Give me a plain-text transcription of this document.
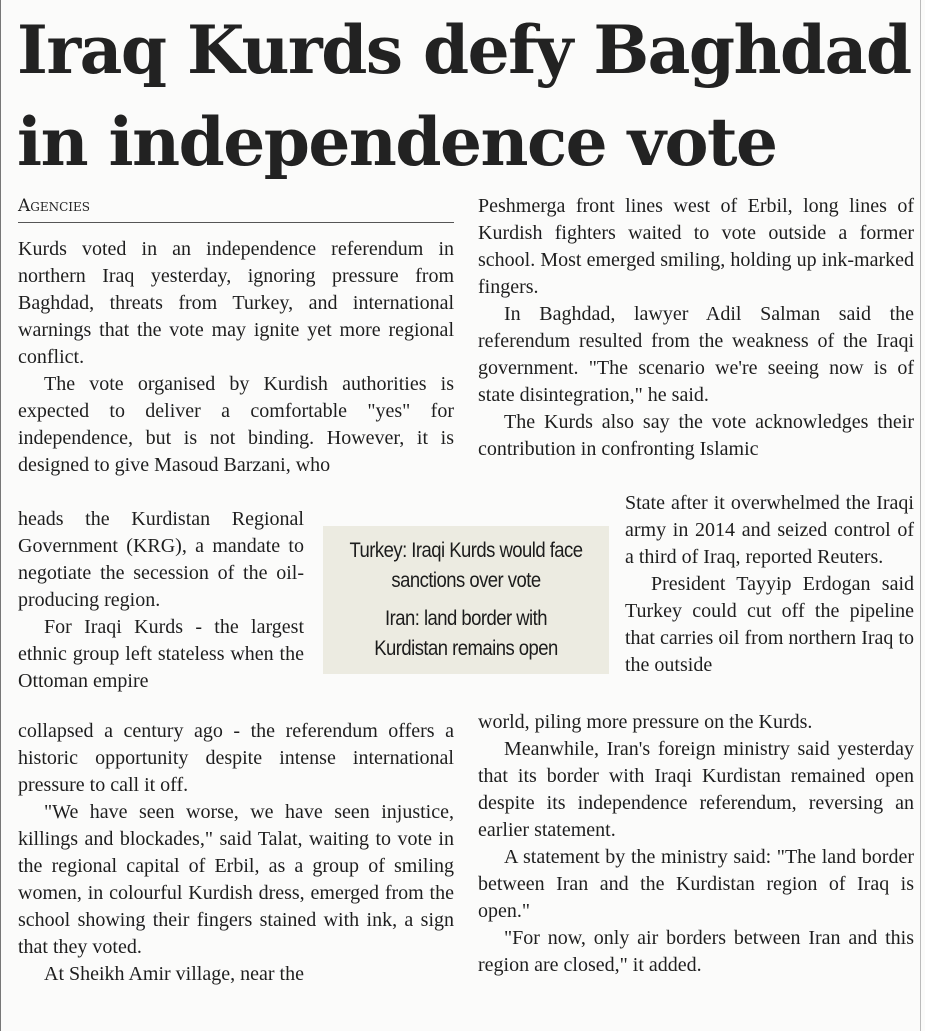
Iraq Kurds defy Baghdad
in independence vote
Agencies

Kurds voted in an independence referendum in northern Iraq yesterday, ignoring pressure from Baghdad, threats from Turkey, and international warnings that the vote may ignite yet more regional conflict.

The vote organised by Kurdish authorities is expected to deliver a comfortable "yes" for independence, but is not binding. However, it is designed to give Masoud Barzani, who

heads the Kurdistan Regional Government (KRG), a mandate to negotiate the secession of the oil-producing region.

For Iraqi Kurds - the largest ethnic group left stateless when the Ottoman empire

collapsed a century ago - the referendum offers a historic opportunity despite intense international pressure to call it off.

"We have seen worse, we have seen injustice, killings and blockades," said Talat, waiting to vote in the regional capital of Erbil, as a group of smiling women, in colourful Kurdish dress, emerged from the school showing their fingers stained with ink, a sign that they voted.

At Sheikh Amir village, near the

Peshmerga front lines west of Erbil, long lines of Kurdish fighters waited to vote outside a former school. Most emerged smiling, holding up ink-marked fingers.

In Baghdad, lawyer Adil Salman said the referendum resulted from the weakness of the Iraqi government. "The scenario we're seeing now is of state disintegration," he said.

The Kurds also say the vote acknowledges their contribution in confronting Islamic

State after it overwhelmed the Iraqi army in 2014 and seized control of a third of Iraq, reported Reuters.

President Tayyip Erdogan said Turkey could cut off the pipeline that carries oil from northern Iraq to the outside

world, piling more pressure on the Kurds.

Meanwhile, Iran's foreign ministry said yesterday that its border with Iraqi Kurdistan remained open despite its independence referendum, reversing an earlier statement.

A statement by the ministry said: "The land border between Iran and the Kurdistan region of Iraq is open."

"For now, only air borders between Iran and this region are closed," it added.

Turkey: Iraqi Kurds would face sanctions over vote

Iran: land border with Kurdistan remains open
